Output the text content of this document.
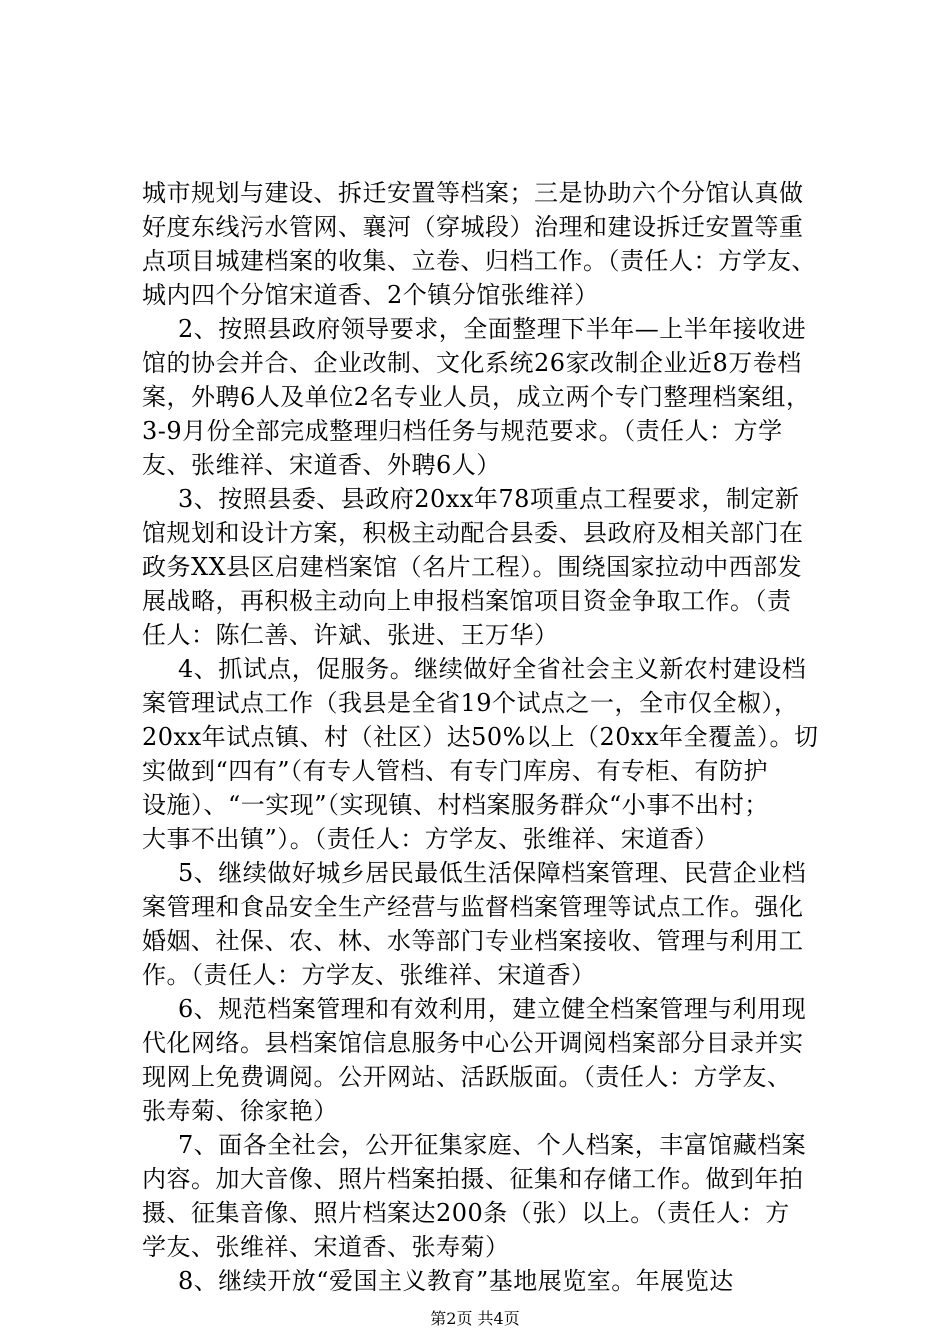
城市规划与建设、拆迁安置等档案；三是协助六个分馆认真做
好度东线污水管网、襄河（穿城段）治理和建设拆迁安置等重
点项目城建档案的收集、立卷、归档工作。（责任人：方学友、
城内四个分馆宋道香、2个镇分馆张维祥）
2、按照县政府领导要求，全面整理下半年—上半年接收进
馆的协会并合、企业改制、文化系统26家改制企业近8万卷档
案，外聘6人及单位2名专业人员，成立两个专门整理档案组，
3-9月份全部完成整理归档任务与规范要求。（责任人：方学
友、张维祥、宋道香、外聘6人）
3、按照县委、县政府20xx年78项重点工程要求，制定新
馆规划和设计方案，积极主动配合县委、县政府及相关部门在
政务XX县区启建档案馆（名片工程）。围绕国家拉动中西部发
展战略，再积极主动向上申报档案馆项目资金争取工作。（责
任人：陈仁善、许斌、张进、王万华）
4、抓试点，促服务。继续做好全省社会主义新农村建设档
案管理试点工作（我县是全省19个试点之一，全市仅全椒），
20xx年试点镇、村（社区）达50%以上（20xx年全覆盖）。切
实做到“四有”（有专人管档、有专门库房、有专柜、有防护
设施）、“一实现”（实现镇、村档案服务群众“小事不出村；
大事不出镇”）。（责任人：方学友、张维祥、宋道香）
5、继续做好城乡居民最低生活保障档案管理、民营企业档
案管理和食品安全生产经营与监督档案管理等试点工作。强化
婚姻、社保、农、林、水等部门专业档案接收、管理与利用工
作。（责任人：方学友、张维祥、宋道香）
6、规范档案管理和有效利用，建立健全档案管理与利用现
代化网络。县档案馆信息服务中心公开调阅档案部分目录并实
现网上免费调阅。公开网站、活跃版面。（责任人：方学友、
张寿菊、徐家艳）
7、面各全社会，公开征集家庭、个人档案，丰富馆藏档案
内容。加大音像、照片档案拍摄、征集和存储工作。做到年拍
摄、征集音像、照片档案达200条（张）以上。（责任人：方
学友、张维祥、宋道香、张寿菊）
8、继续开放“爱国主义教育”基地展览室。年展览达
第2页 共4页
